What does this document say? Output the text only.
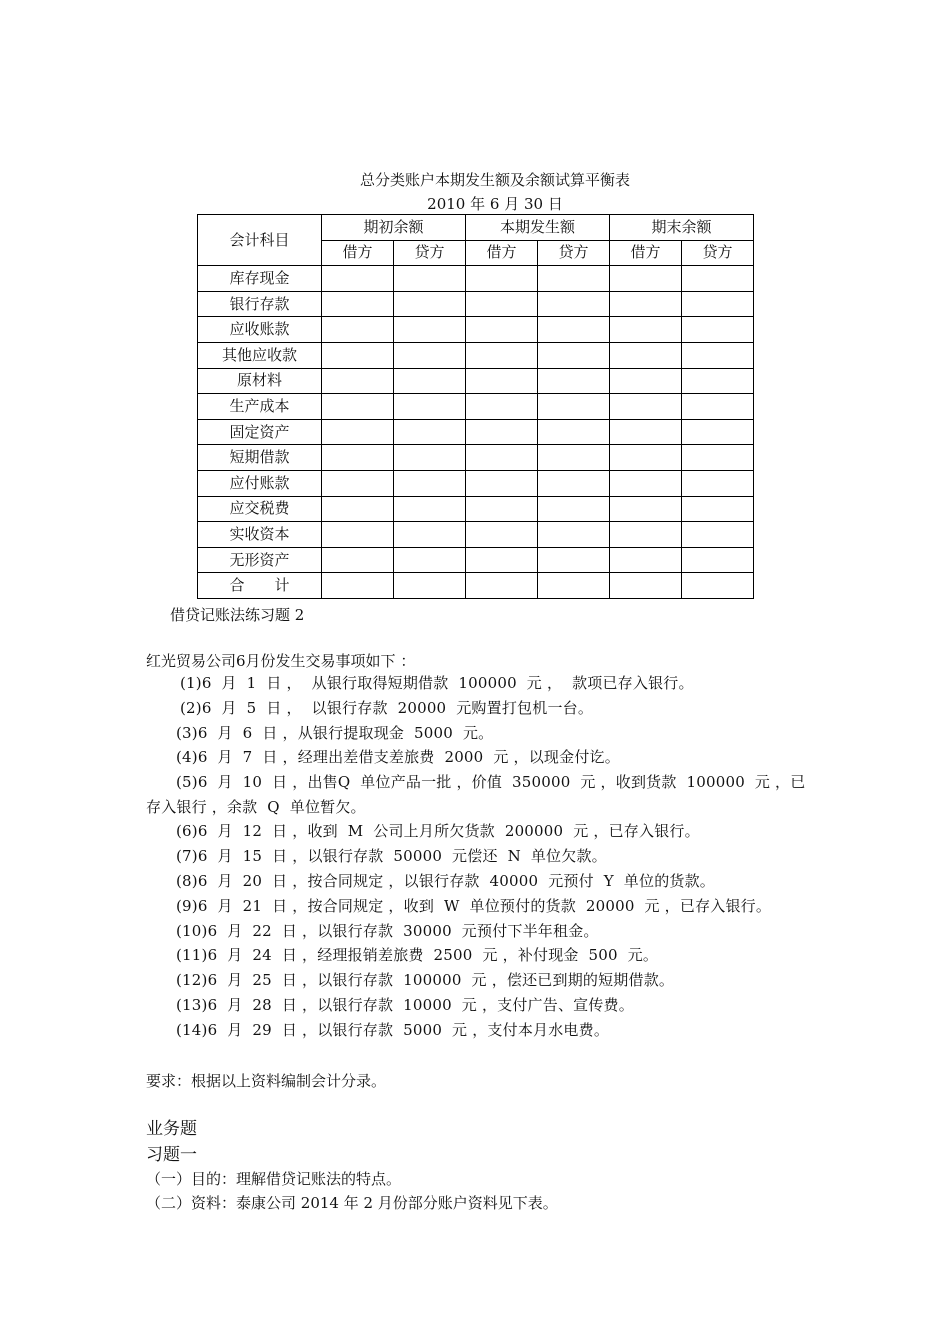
总分类账户本期发生额及余额试算平衡表
2010 年 6 月 30 日
会计科目	期初余额		本期发生额		期末余额	
	借方	贷方	借方	贷方	借方	贷方
库存现金						
银行存款						
应收账款						
其他应收款						
原材料						
生产成本						
固定资产						
短期借款						
应付账款						
应交税费						
实收资本						
无形资产						
合　　计						
借贷记账法练习题 2
红光贸易公司6月份发生交易事项如下 ：
(1)6  月  1  日 ，  从银行取得短期借款  100000  元 ，  款项已存入银行。
(2)6  月  5  日 ，  以银行存款  20000  元购置打包机一台。
(3)6  月  6  日 ，从银行提取现金  5000  元。
(4)6  月  7  日 ，经理出差借支差旅费  2000  元 ，以现金付讫。
(5)6  月  10  日 ，出售Q  单位产品一批 ，价值  350000  元 ，收到货款  100000  元 ，已
存入银行 ，余款  Q  单位暂欠。
(6)6  月  12  日 ，收到  M  公司上月所欠货款  200000  元 ，已存入银行。
(7)6  月  15  日 ，以银行存款  50000  元偿还  N  单位欠款。
(8)6  月  20  日 ，按合同规定 ，以银行存款  40000  元预付  Y  单位的货款。
(9)6  月  21  日 ，按合同规定 ，收到  W  单位预付的货款  20000  元 ，已存入银行。
(10)6  月  22  日 ，以银行存款  30000  元预付下半年租金。
(11)6  月  24  日 ，经理报销差旅费  2500  元 ，补付现金  500  元。
(12)6  月  25  日 ，以银行存款  100000  元 ，偿还已到期的短期借款。
(13)6  月  28  日 ，以银行存款  10000  元 ，支付广告、宣传费。
(14)6  月  29  日 ，以银行存款  5000  元 ，支付本月水电费。
要求：根据以上资料编制会计分录。
业务题
习题一
（一）目的：理解借贷记账法的特点。
（二）资料：泰康公司 2014 年 2 月份部分账户资料见下表。
